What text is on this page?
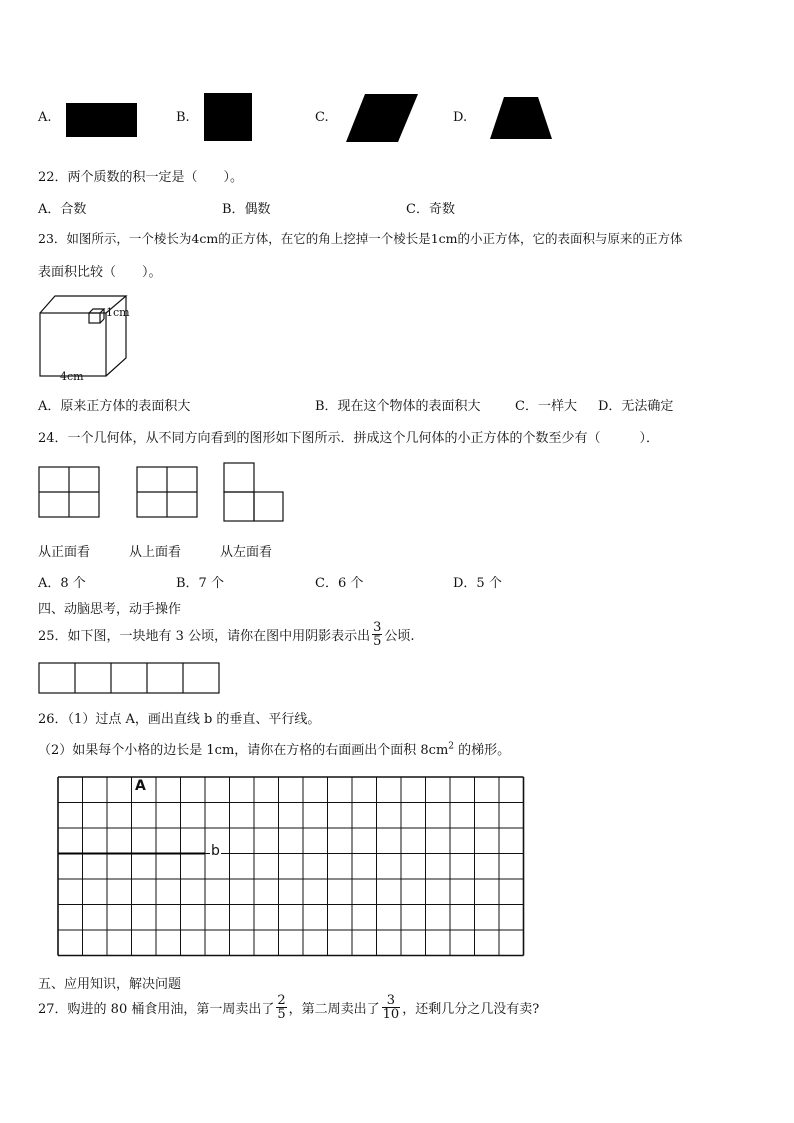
A.	B.	C.	D.
22．两个质数的积一定是（　　）。
A．合数	B．偶数	C．奇数
23．如图所示，一个棱长为4cm的正方体，在它的角上挖掉一个棱长是1cm的小正方体，它的表面积与原来的正方体
表面积比较（　　）。
1cm
4cm
A．原来正方体的表面积大	B．现在这个物体的表面积大	C．一样大 D．无法确定
24．一个几何体，从不同方向看到的图形如下图所示．拼成这个几何体的小正方体的个数至少有（　　　）．
从正面看	从上面看	从左面看
A．8 个	B．7 个	C．6 个	D．5 个
四、动脑思考，动手操作
25．如下图，一块地有 3 公顷，请你在图中用阴影表示出 $\frac{3}{5}$ 公顷.
26．（1）过点 A，画出直线 b 的垂直、平行线。
（2）如果每个小格的边长是 1cm，请你在方格的右面画出个面积 $8cm^2$ 的梯形。
A
b
五、应用知识，解决问题
27．购进的 80 桶食用油，第一周卖出了 $\frac{2}{5}$ ，第二周卖出了 $\frac{3}{10}$ ，还剩几分之几没有卖?
